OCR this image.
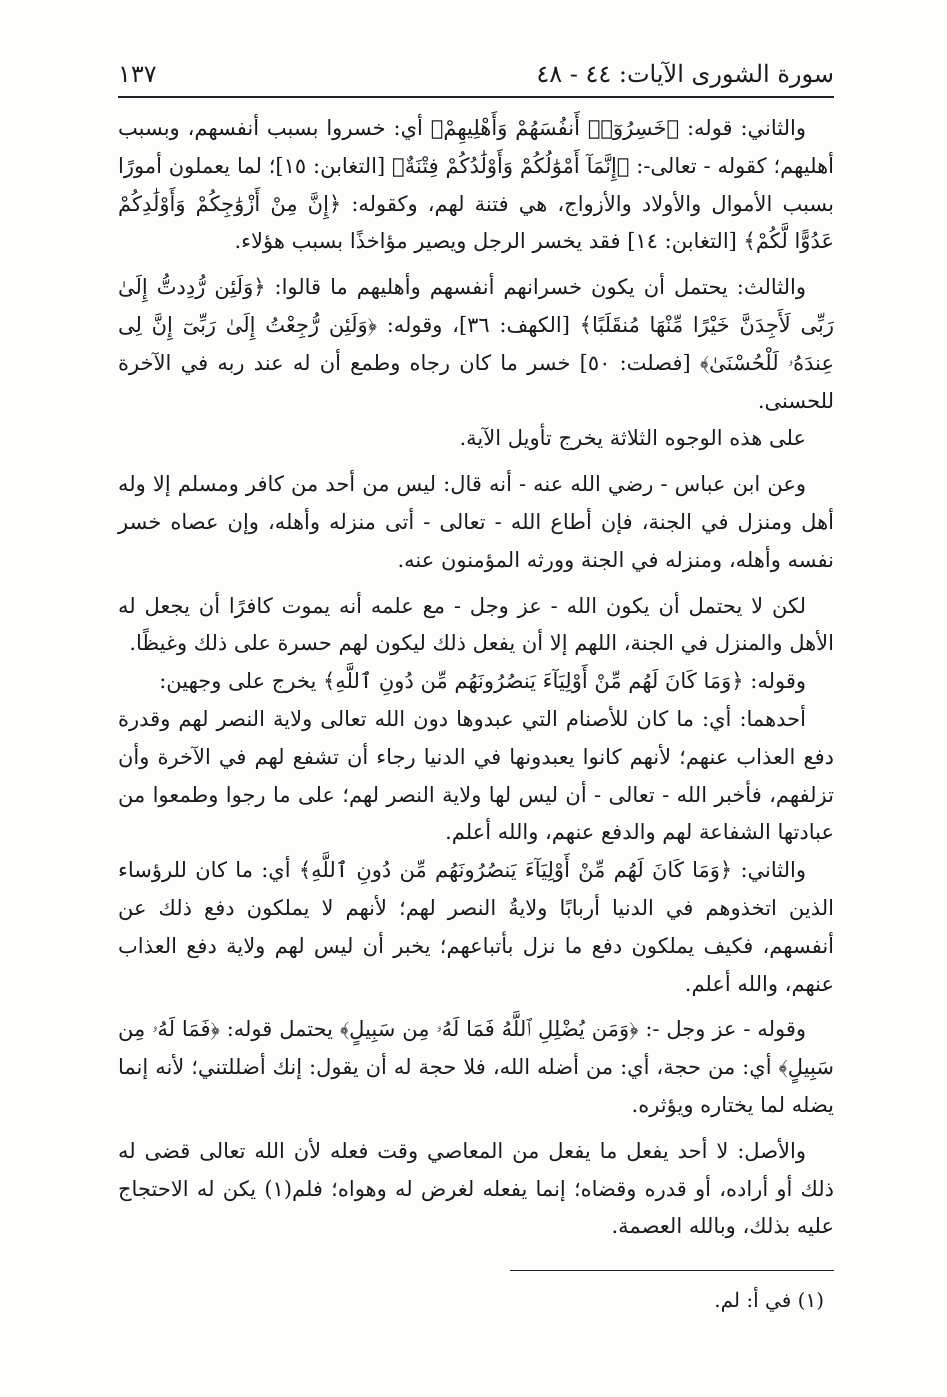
سورة الشورى الآيات: ٤٤ - ٤٨
١٣٧

والثاني: قوله: ﴿خَسِرُوٓا۟ أَنفُسَهُمْ وَأَهْلِيهِمْ﴾ أي: خسروا بسبب أنفسهم، وبسبب أهليهم؛ كقوله - تعالى-: ﴿إِنَّمَآ أَمْوَٰلُكُمْ وَأَوْلَٰدُكُمْ فِتْنَةٌ﴾ [التغابن: ١٥]؛ لما يعملون أمورًا بسبب الأموال والأولاد والأزواج، هي فتنة لهم، وكقوله: ﴿إِنَّ مِنْ أَزْوَٰجِكُمْ وَأَوْلَٰدِكُمْ عَدُوًّا لَّكُمْ﴾ [التغابن: ١٤] فقد يخسر الرجل ويصير مؤاخذًا بسبب هؤلاء.

والثالث: يحتمل أن يكون خسرانهم أنفسهم وأهليهم ما قالوا: ﴿وَلَئِن رُّدِدتُّ إِلَىٰ رَبِّى لَأَجِدَنَّ خَيْرًا مِّنْهَا مُنقَلَبًا﴾ [الكهف: ٣٦]، وقوله: ﴿وَلَئِن رُّجِعْتُ إِلَىٰ رَبِّىٓ إِنَّ لِى عِندَهُۥ لَلْحُسْنَىٰ﴾ [فصلت: ٥٠] خسر ما كان رجاه وطمع أن له عند ربه في الآخرة للحسنى.

على هذه الوجوه الثلاثة يخرج تأويل الآية.

وعن ابن عباس - رضي الله عنه - أنه قال: ليس من أحد من كافر ومسلم إلا وله أهل ومنزل في الجنة، فإن أطاع الله - تعالى - أتى منزله وأهله، وإن عصاه خسر نفسه وأهله، ومنزله في الجنة وورثه المؤمنون عنه.

لكن لا يحتمل أن يكون الله - عز وجل - مع علمه أنه يموت كافرًا أن يجعل له الأهل والمنزل في الجنة، اللهم إلا أن يفعل ذلك ليكون لهم حسرة على ذلك وغيظًا.

وقوله: ﴿وَمَا كَانَ لَهُم مِّنْ أَوْلِيَآءَ يَنصُرُونَهُم مِّن دُونِ ٱللَّهِ﴾ يخرج على وجهين:

أحدهما: أي: ما كان للأصنام التي عبدوها دون الله تعالى ولاية النصر لهم وقدرة دفع العذاب عنهم؛ لأنهم كانوا يعبدونها في الدنيا رجاء أن تشفع لهم في الآخرة وأن تزلفهم، فأخبر الله - تعالى - أن ليس لها ولاية النصر لهم؛ على ما رجوا وطمعوا من عبادتها الشفاعة لهم والدفع عنهم، والله أعلم.

والثاني: ﴿وَمَا كَانَ لَهُم مِّنْ أَوْلِيَآءَ يَنصُرُونَهُم مِّن دُونِ ٱللَّهِ﴾ أي: ما كان للرؤساء الذين اتخذوهم في الدنيا أربابًا ولايةُ النصر لهم؛ لأنهم لا يملكون دفع ذلك عن أنفسهم، فكيف يملكون دفع ما نزل بأتباعهم؛ يخبر أن ليس لهم ولاية دفع العذاب عنهم، والله أعلم.

وقوله - عز وجل -: ﴿وَمَن يُضْلِلِ ٱللَّهُ فَمَا لَهُۥ مِن سَبِيلٍ﴾ يحتمل قوله: ﴿فَمَا لَهُۥ مِن سَبِيلٍ﴾ أي: من حجة، أي: من أضله الله، فلا حجة له أن يقول: إنك أضللتني؛ لأنه إنما يضله لما يختاره ويؤثره.

والأصل: لا أحد يفعل ما يفعل من المعاصي وقت فعله لأن الله تعالى قضى له ذلك أو أراده، أو قدره وقضاه؛ إنما يفعله لغرض له وهواه؛ فلم(١) يكن له الاحتجاج عليه بذلك، وبالله العصمة.

(١) في أ: لم.
